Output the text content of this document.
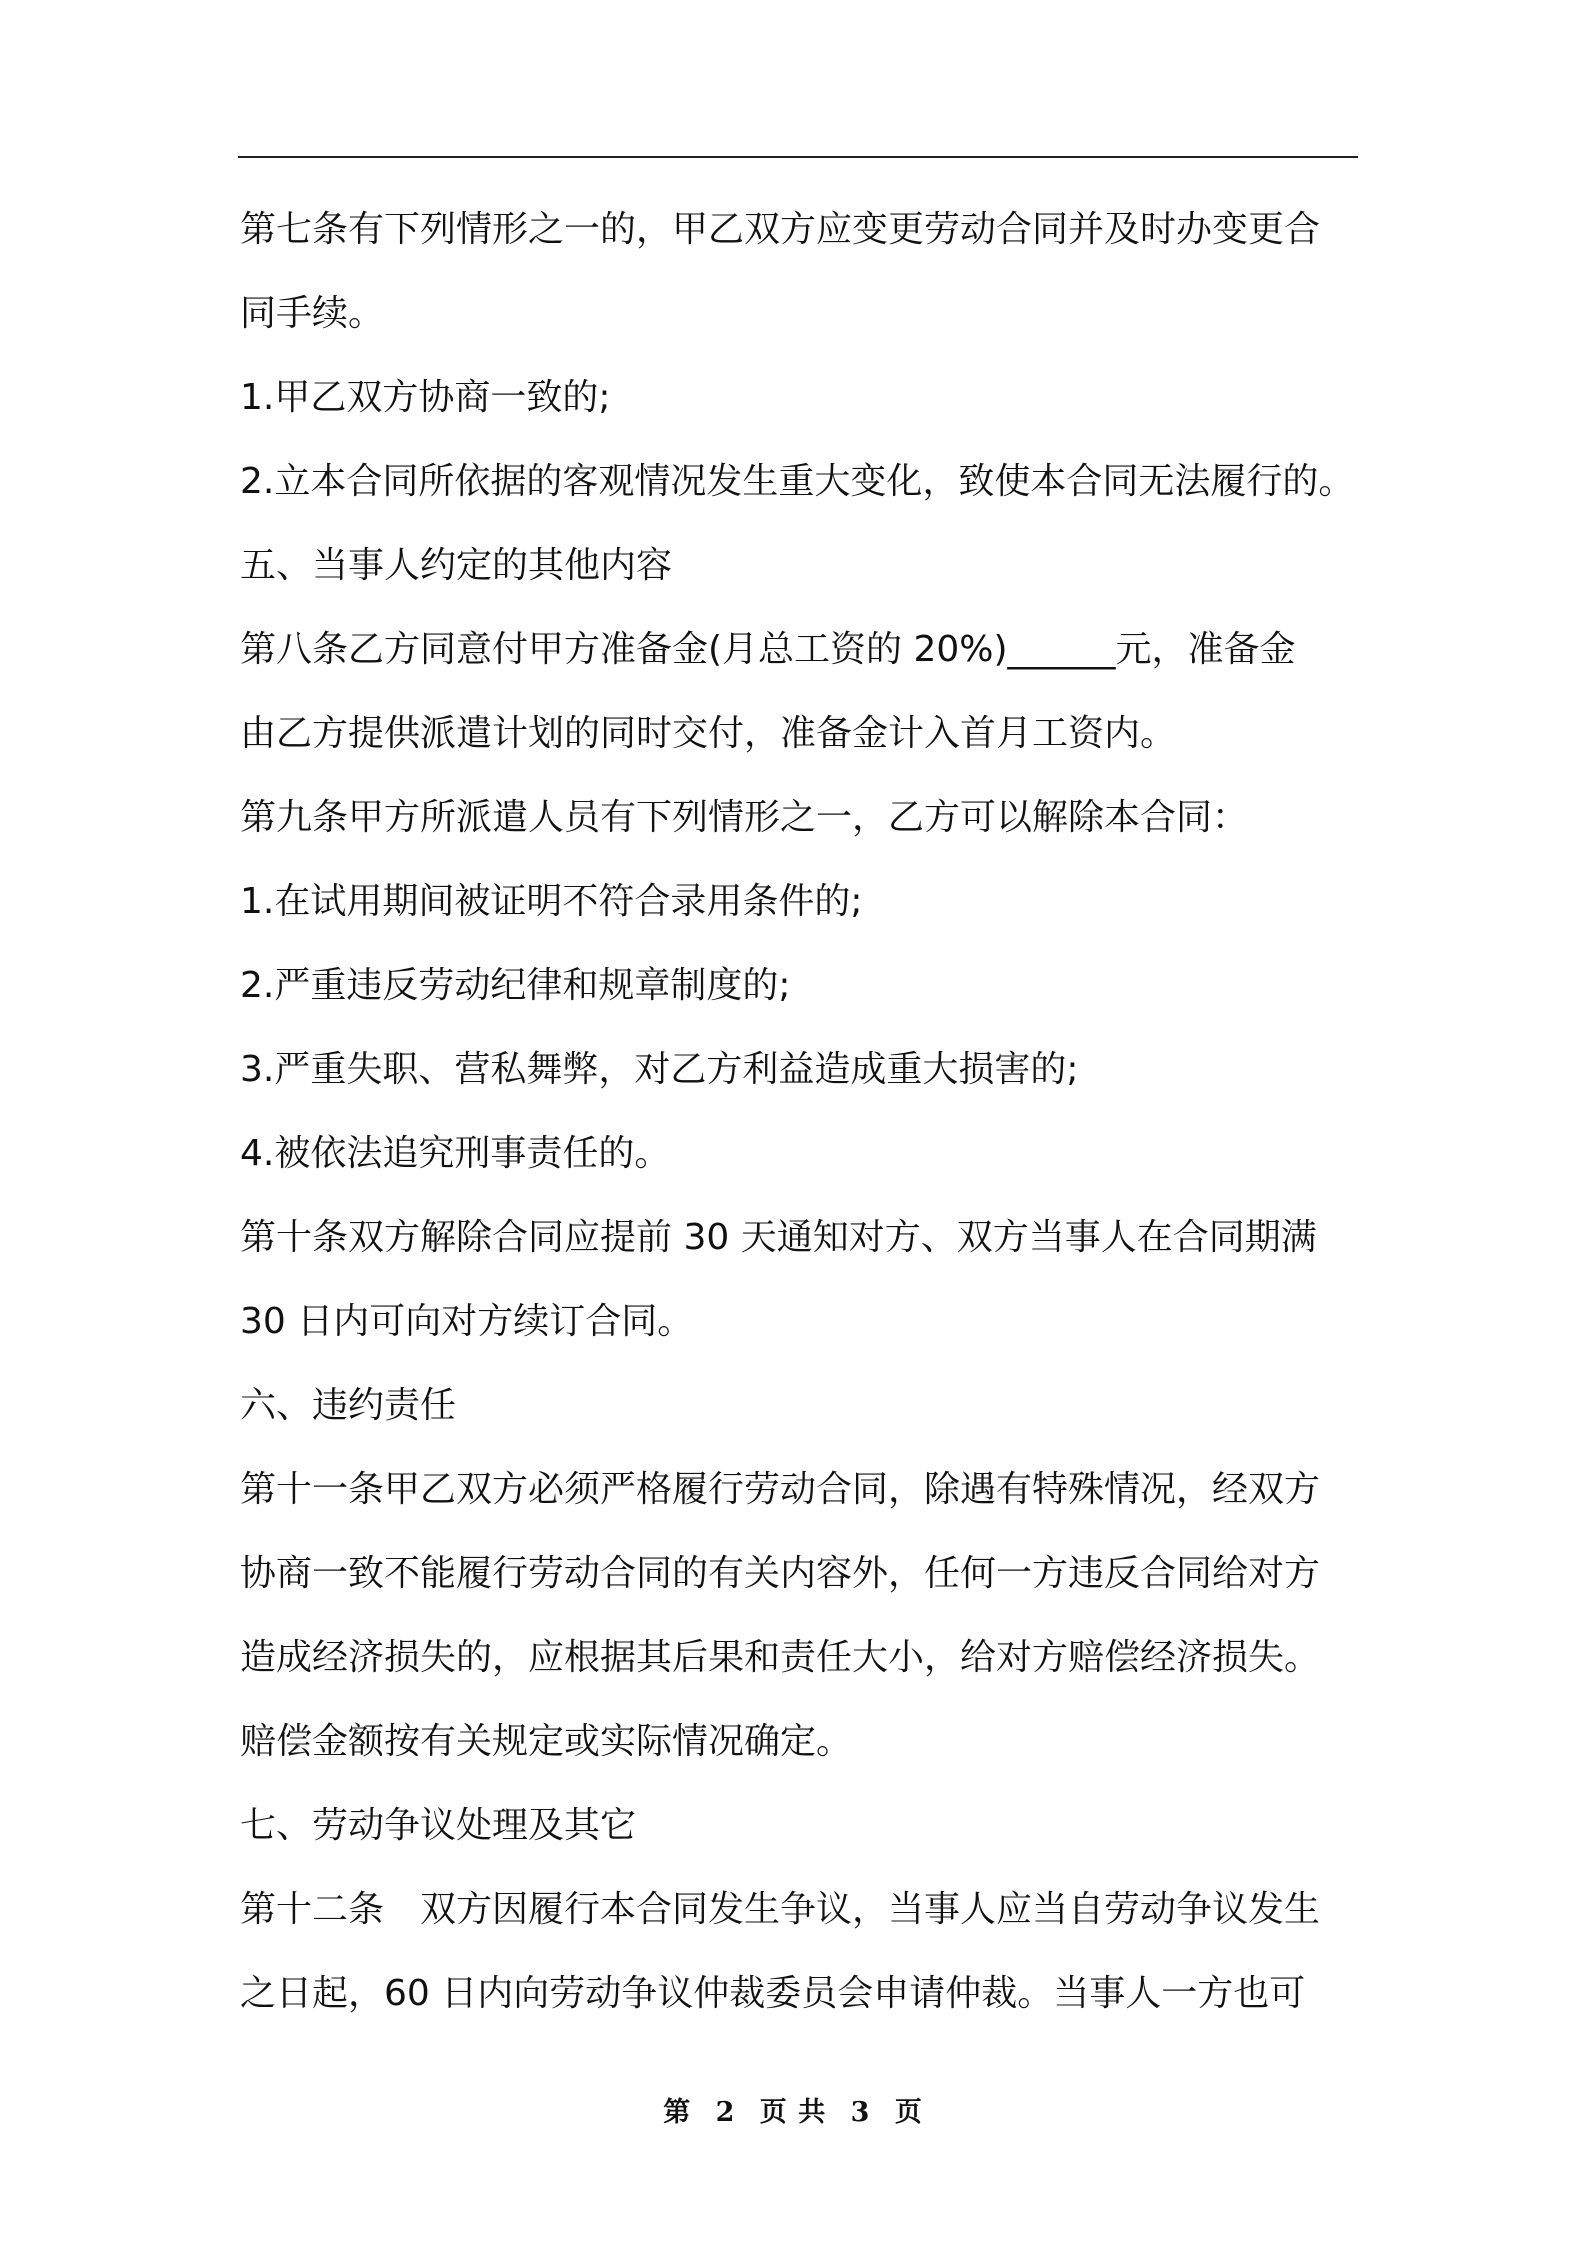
第七条有下列情形之一的，甲乙双方应变更劳动合同并及时办变更合
同手续。
1.甲乙双方协商一致的;
2.立本合同所依据的客观情况发生重大变化，致使本合同无法履行的。
五、当事人约定的其他内容
第八条乙方同意付甲方准备金(月总工资的 20%)______元，准备金
由乙方提供派遣计划的同时交付，准备金计入首月工资内。
第九条甲方所派遣人员有下列情形之一，乙方可以解除本合同：
1.在试用期间被证明不符合录用条件的;
2.严重违反劳动纪律和规章制度的;
3.严重失职、营私舞弊，对乙方利益造成重大损害的;
4.被依法追究刑事责任的。
第十条双方解除合同应提前 30 天通知对方、双方当事人在合同期满
30 日内可向对方续订合同。
六、违约责任
第十一条甲乙双方必须严格履行劳动合同，除遇有特殊情况，经双方
协商一致不能履行劳动合同的有关内容外，任何一方违反合同给对方
造成经济损失的，应根据其后果和责任大小，给对方赔偿经济损失。
赔偿金额按有关规定或实际情况确定。
七、劳动争议处理及其它
第十二条　双方因履行本合同发生争议，当事人应当自劳动争议发生
之日起，60 日内向劳动争议仲裁委员会申请仲裁。当事人一方也可
第 2 页 共 3 页
